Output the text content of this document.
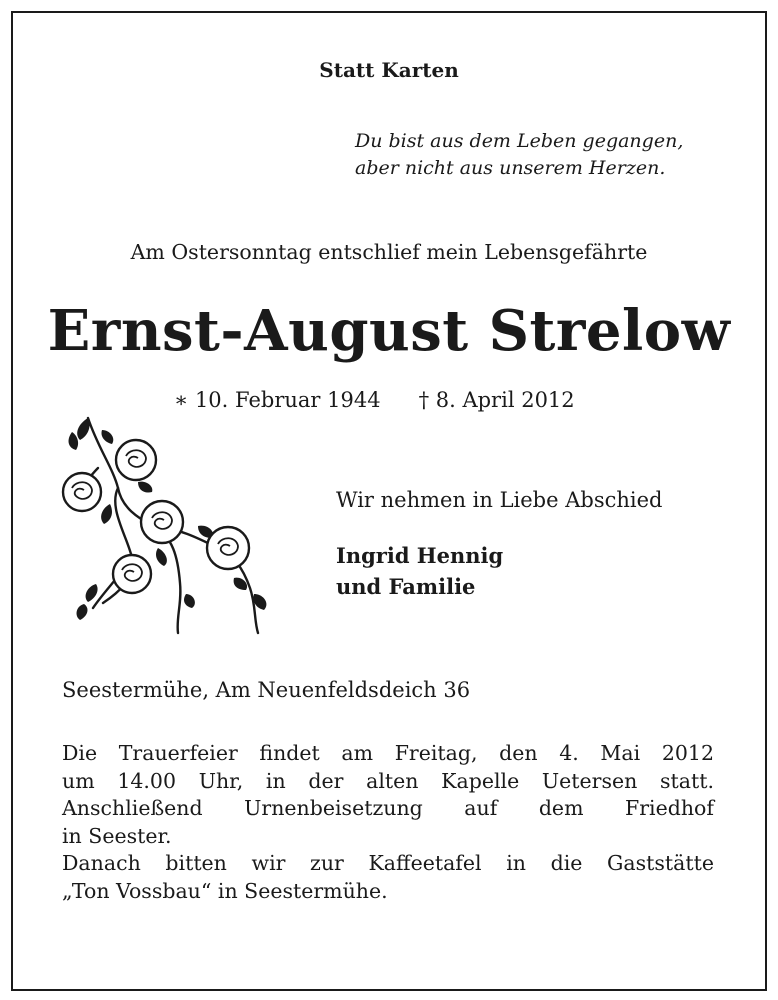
Statt Karten
Du bist aus dem Leben gegangen,
aber nicht aus unserem Herzen.
Am Ostersonntag entschlief mein Lebensgefährte
Ernst-August Strelow
∗ 10. Februar 1944 † 8. April 2012
Wir nehmen in Liebe Abschied
Ingrid Hennig
und Familie
Seestermühe, Am Neuenfeldsdeich 36
Die Trauerfeier findet am Freitag, den 4. Mai 2012
um 14.00 Uhr, in der alten Kapelle Uetersen statt.
Anschließend Urnenbeisetzung auf dem Friedhof
in Seester.
Danach bitten wir zur Kaffeetafel in die Gaststätte
„Ton Vossbau“ in Seestermühe.
